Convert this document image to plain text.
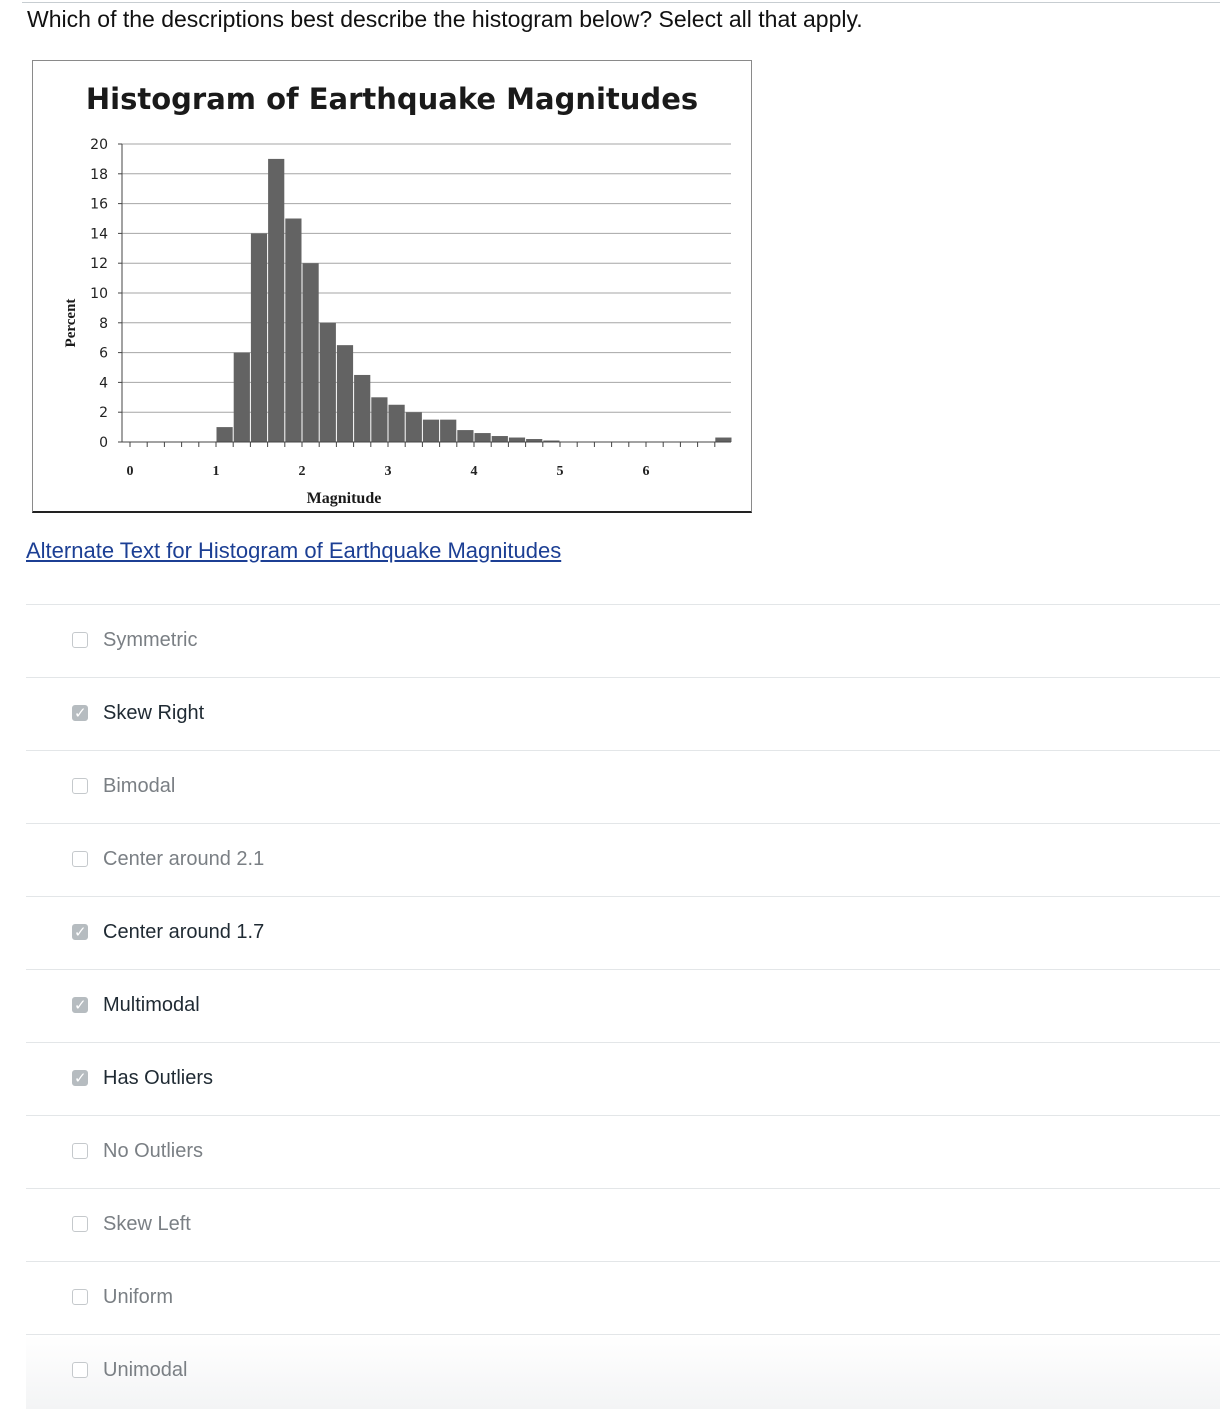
Which of the descriptions best describe the histogram below? Select all that apply.
Histogram of Earthquake Magnitudes
Percent
Magnitude
0
2
4
6
8
10
12
14
16
18
20
0	1	2	3	4	5	6
Alternate Text for Histogram of Earthquake Magnitudes
Symmetric
✓ Skew Right
Bimodal
Center around 2.1
✓ Center around 1.7
✓ Multimodal
✓ Has Outliers
No Outliers
Skew Left
Uniform
Unimodal
